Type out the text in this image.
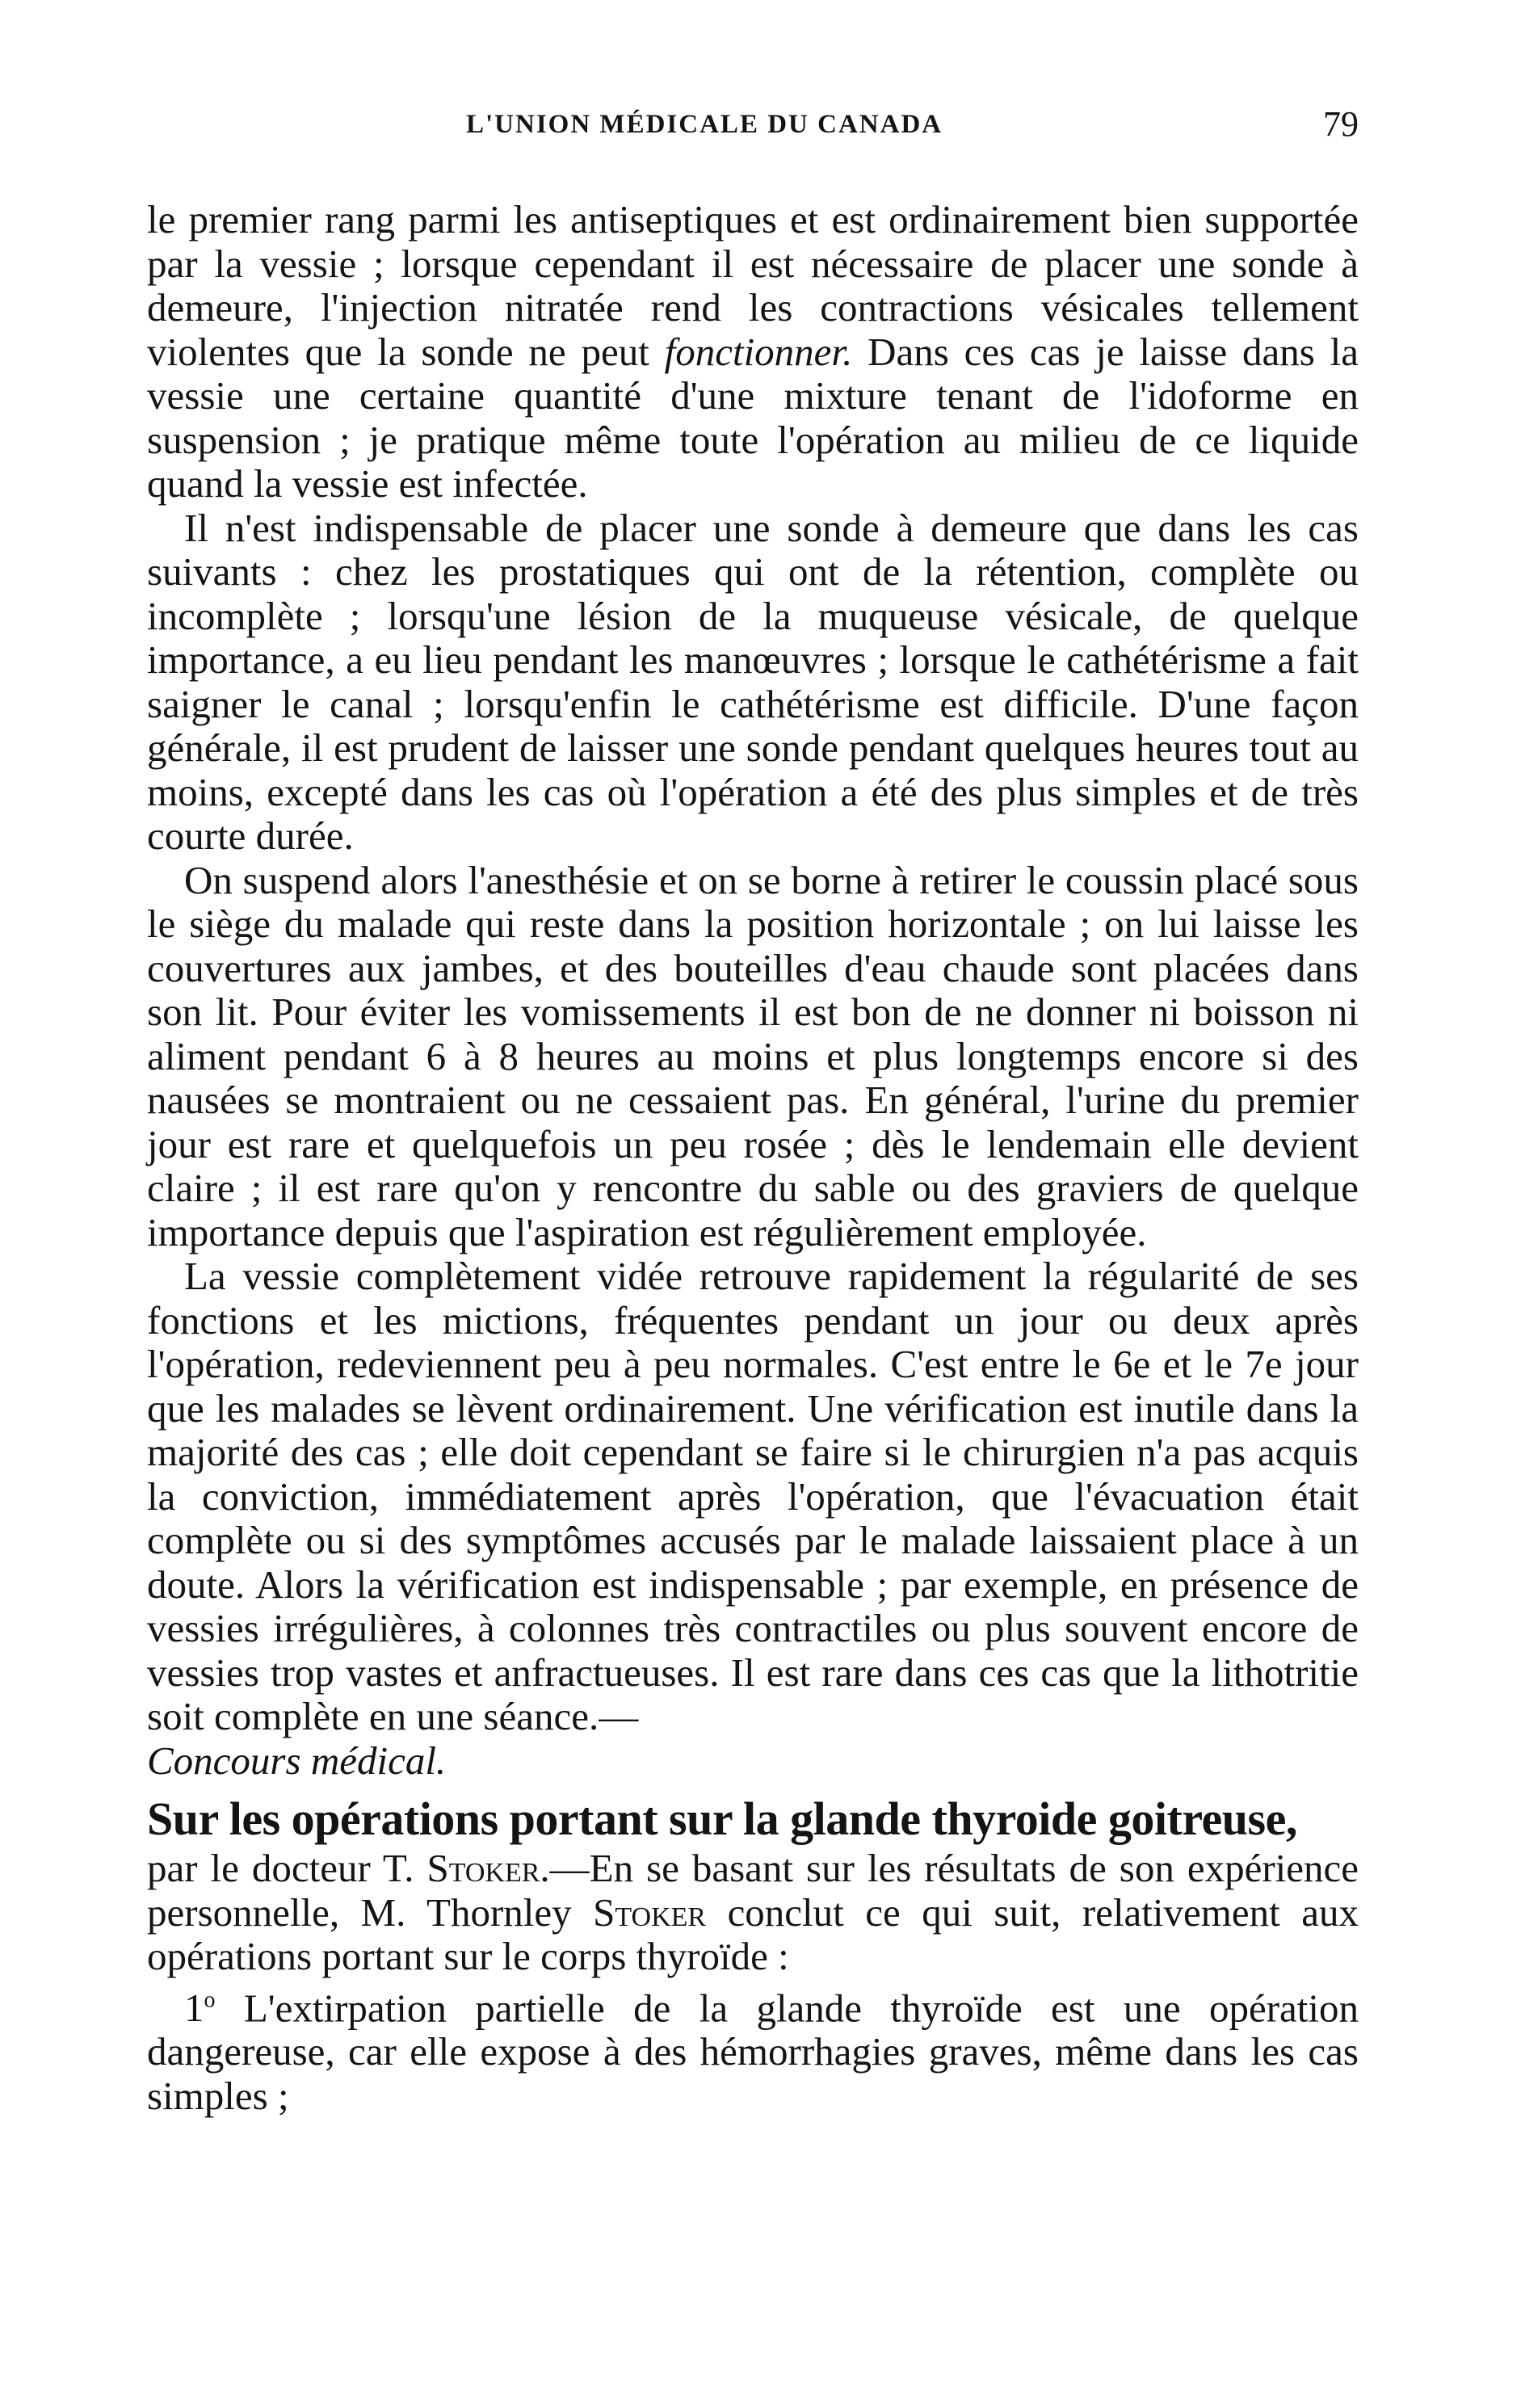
L'UNION MÉDICALE DU CANADA	79

le premier rang parmi les antiseptiques et est ordinairement bien supportée par la vessie ; lorsque cependant il est nécessaire de placer une sonde à demeure, l'injection nitratée rend les contractions vésicales tellement violentes que la sonde ne peut fonctionner. Dans ces cas je laisse dans la vessie une certaine quantité d'une mixture tenant de l'idoforme en suspension ; je pratique même toute l'opération au milieu de ce liquide quand la vessie est infectée.

Il n'est indispensable de placer une sonde à demeure que dans les cas suivants : chez les prostatiques qui ont de la rétention, complète ou incomplète ; lorsqu'une lésion de la muqueuse vésicale, de quelque importance, a eu lieu pendant les manœuvres ; lorsque le cathétérisme a fait saigner le canal ; lorsqu'enfin le cathétérisme est difficile. D'une façon générale, il est prudent de laisser une sonde pendant quelques heures tout au moins, excepté dans les cas où l'opération a été des plus simples et de très courte durée.

On suspend alors l'anesthésie et on se borne à retirer le coussin placé sous le siège du malade qui reste dans la position horizontale ; on lui laisse les couvertures aux jambes, et des bouteilles d'eau chaude sont placées dans son lit. Pour éviter les vomissements il est bon de ne donner ni boisson ni aliment pendant 6 à 8 heures au moins et plus longtemps encore si des nausées se montraient ou ne cessaient pas. En général, l'urine du premier jour est rare et quelquefois un peu rosée ; dès le lendemain elle devient claire ; il est rare qu'on y rencontre du sable ou des graviers de quelque importance depuis que l'aspiration est régulièrement employée.

La vessie complètement vidée retrouve rapidement la régularité de ses fonctions et les mictions, fréquentes pendant un jour ou deux après l'opération, redeviennent peu à peu normales. C'est entre le 6e et le 7e jour que les malades se lèvent ordinairement. Une vérification est inutile dans la majorité des cas ; elle doit cependant se faire si le chirurgien n'a pas acquis la conviction, immédiatement après l'opération, que l'évacuation était complète ou si des symptômes accusés par le malade laissaient place à un doute. Alors la vérification est indispensable ; par exemple, en présence de vessies irrégulières, à colonnes très contractiles ou plus souvent encore de vessies trop vastes et anfractueuses. Il est rare dans ces cas que la lithotritie soit complète en une séance.—

Concours médical.

Sur les opérations portant sur la glande thyroide goitreuse,

par le docteur T. Stoker.—En se basant sur les résultats de son expérience personnelle, M. Thornley Stoker conclut ce qui suit, relativement aux opérations portant sur le corps thyroïde :

1$^o$ L'extirpation partielle de la glande thyroïde est une opération dangereuse, car elle expose à des hémorrhagies graves, même dans les cas simples ;
